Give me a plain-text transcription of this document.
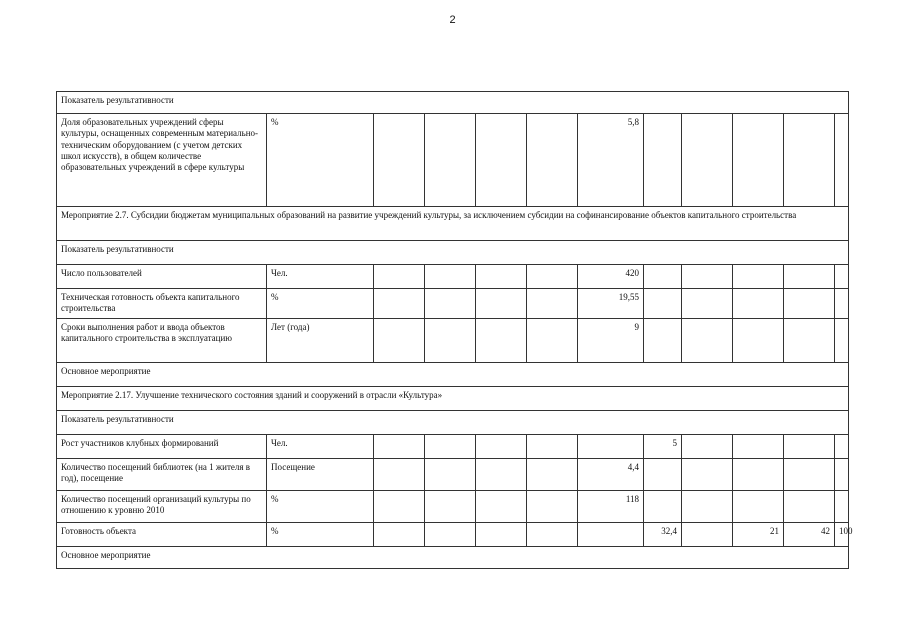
2
Показатель результативности											
Доля образовательных учреждений сферы культуры, оснащенных современным материально-техническим оборудованием (с учетом детских школ искусств), в общем количестве образовательных учреждений в сфере культуры	%					5,8					
Мероприятие 2.7. Субсидии бюджетам муниципальных образований на развитие учреждений культуры, за исключением субсидии на софинансирование объектов капитального строительства											
Показатель результативности											
Число пользователей	Чел.					420					
Техническая готовность объекта капитального строительства	%					19,55					
Сроки выполнения работ и ввода объектов капитального строительства в эксплуатацию	Лет (года)					9					
Основное мероприятие											
Мероприятие 2.17. Улучшение технического состояния зданий и сооружений в отрасли «Культура»											
Показатель результативности											
Рост участников клубных формирований	Чел.						5				
Количество посещений библиотек (на 1 жителя в год), посещение	Посещение					4,4					
Количество посещений организаций культуры по отношению к уровню 2010	%					118					
Готовность объекта	%						32,4		21	42	100
Основное мероприятие											
